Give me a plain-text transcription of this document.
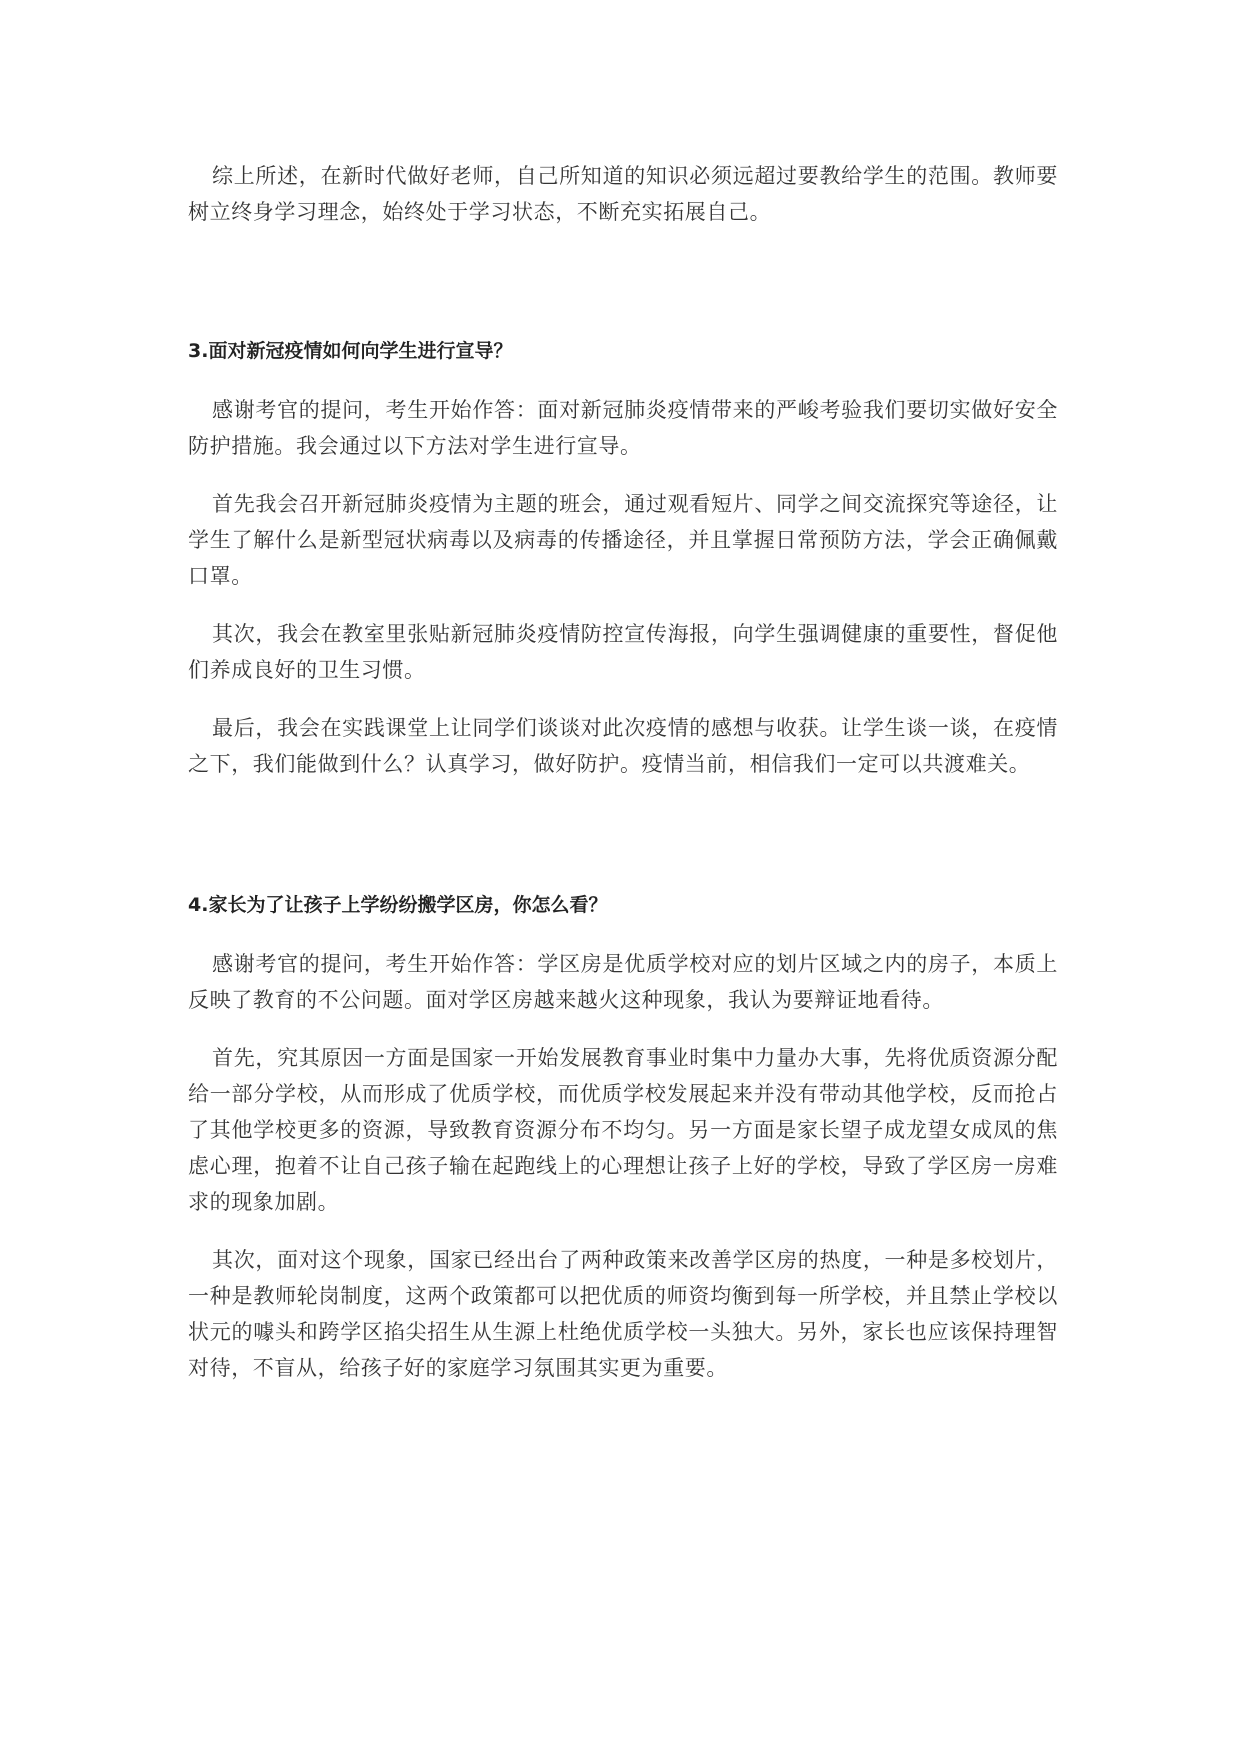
综上所述，在新时代做好老师，自己所知道的知识必须远超过要教给学生的范围。教师要树立终身学习理念，始终处于学习状态，不断充实拓展自己。

3.面对新冠疫情如何向学生进行宣导？

感谢考官的提问，考生开始作答：面对新冠肺炎疫情带来的严峻考验我们要切实做好安全防护措施。我会通过以下方法对学生进行宣导。

首先我会召开新冠肺炎疫情为主题的班会，通过观看短片、同学之间交流探究等途径，让学生了解什么是新型冠状病毒以及病毒的传播途径，并且掌握日常预防方法，学会正确佩戴口罩。

其次，我会在教室里张贴新冠肺炎疫情防控宣传海报，向学生强调健康的重要性，督促他们养成良好的卫生习惯。

最后，我会在实践课堂上让同学们谈谈对此次疫情的感想与收获。让学生谈一谈，在疫情之下，我们能做到什么？认真学习，做好防护。疫情当前，相信我们一定可以共渡难关。

4.家长为了让孩子上学纷纷搬学区房，你怎么看？

感谢考官的提问，考生开始作答：学区房是优质学校对应的划片区域之内的房子，本质上反映了教育的不公问题。面对学区房越来越火这种现象，我认为要辩证地看待。

首先，究其原因一方面是国家一开始发展教育事业时集中力量办大事，先将优质资源分配给一部分学校，从而形成了优质学校，而优质学校发展起来并没有带动其他学校，反而抢占了其他学校更多的资源，导致教育资源分布不均匀。另一方面是家长望子成龙望女成凤的焦虑心理，抱着不让自己孩子输在起跑线上的心理想让孩子上好的学校，导致了学区房一房难求的现象加剧。

其次，面对这个现象，国家已经出台了两种政策来改善学区房的热度，一种是多校划片，一种是教师轮岗制度，这两个政策都可以把优质的师资均衡到每一所学校，并且禁止学校以状元的噱头和跨学区掐尖招生从生源上杜绝优质学校一头独大。另外，家长也应该保持理智对待，不盲从，给孩子好的家庭学习氛围其实更为重要。
